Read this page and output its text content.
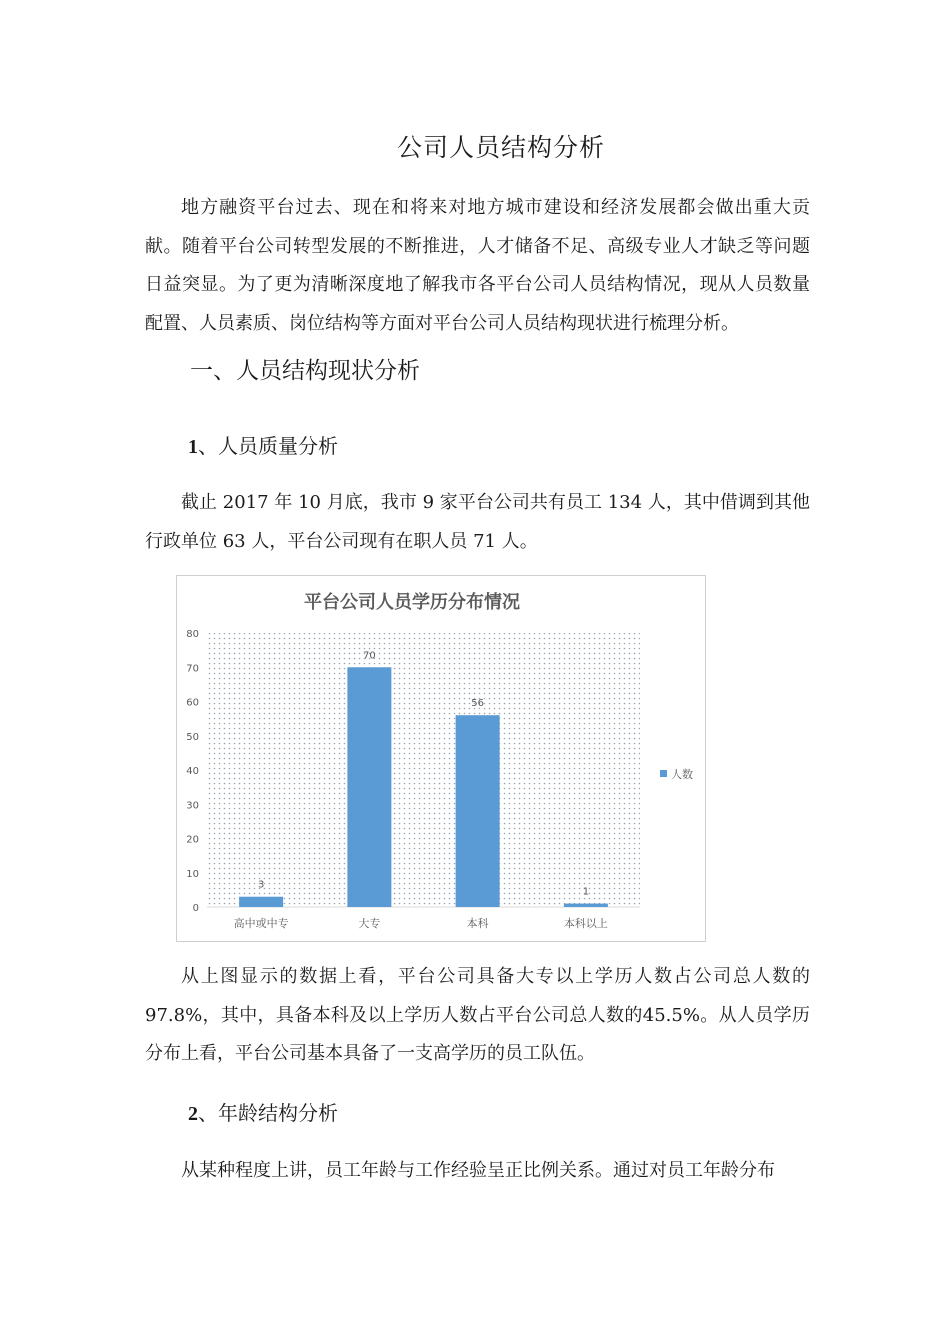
公司人员结构分析

地方融资平台过去、现在和将来对地方城市建设和经济发展都会做出重大贡献。随着平台公司转型发展的不断推进，人才储备不足、高级专业人才缺乏等问题日益突显。为了更为清晰深度地了解我市各平台公司人员结构情况，现从人员数量配置、人员素质、岗位结构等方面对平台公司人员结构现状进行梳理分析。

一、人员结构现状分析
1、人员质量分析

截止 2017 年 10 月底，我市 9 家平台公司共有员工 134 人，其中借调到其他行政单位 63 人，平台公司现有在职人员 71 人。

平台公司人员学历分布情况
0
10
20
30
40
50
60
70
80
3
高中或中专
70
大专
56
本科
1
本科以上
人数

从上图显示的数据上看，平台公司具备大专以上学历人数占公司总人数的97.8%，其中，具备本科及以上学历人数占平台公司总人数的45.5%。从人员学历分布上看，平台公司基本具备了一支高学历的员工队伍。

2、年龄结构分析

从某种程度上讲，员工年龄与工作经验呈正比例关系。通过对员工年龄分布
